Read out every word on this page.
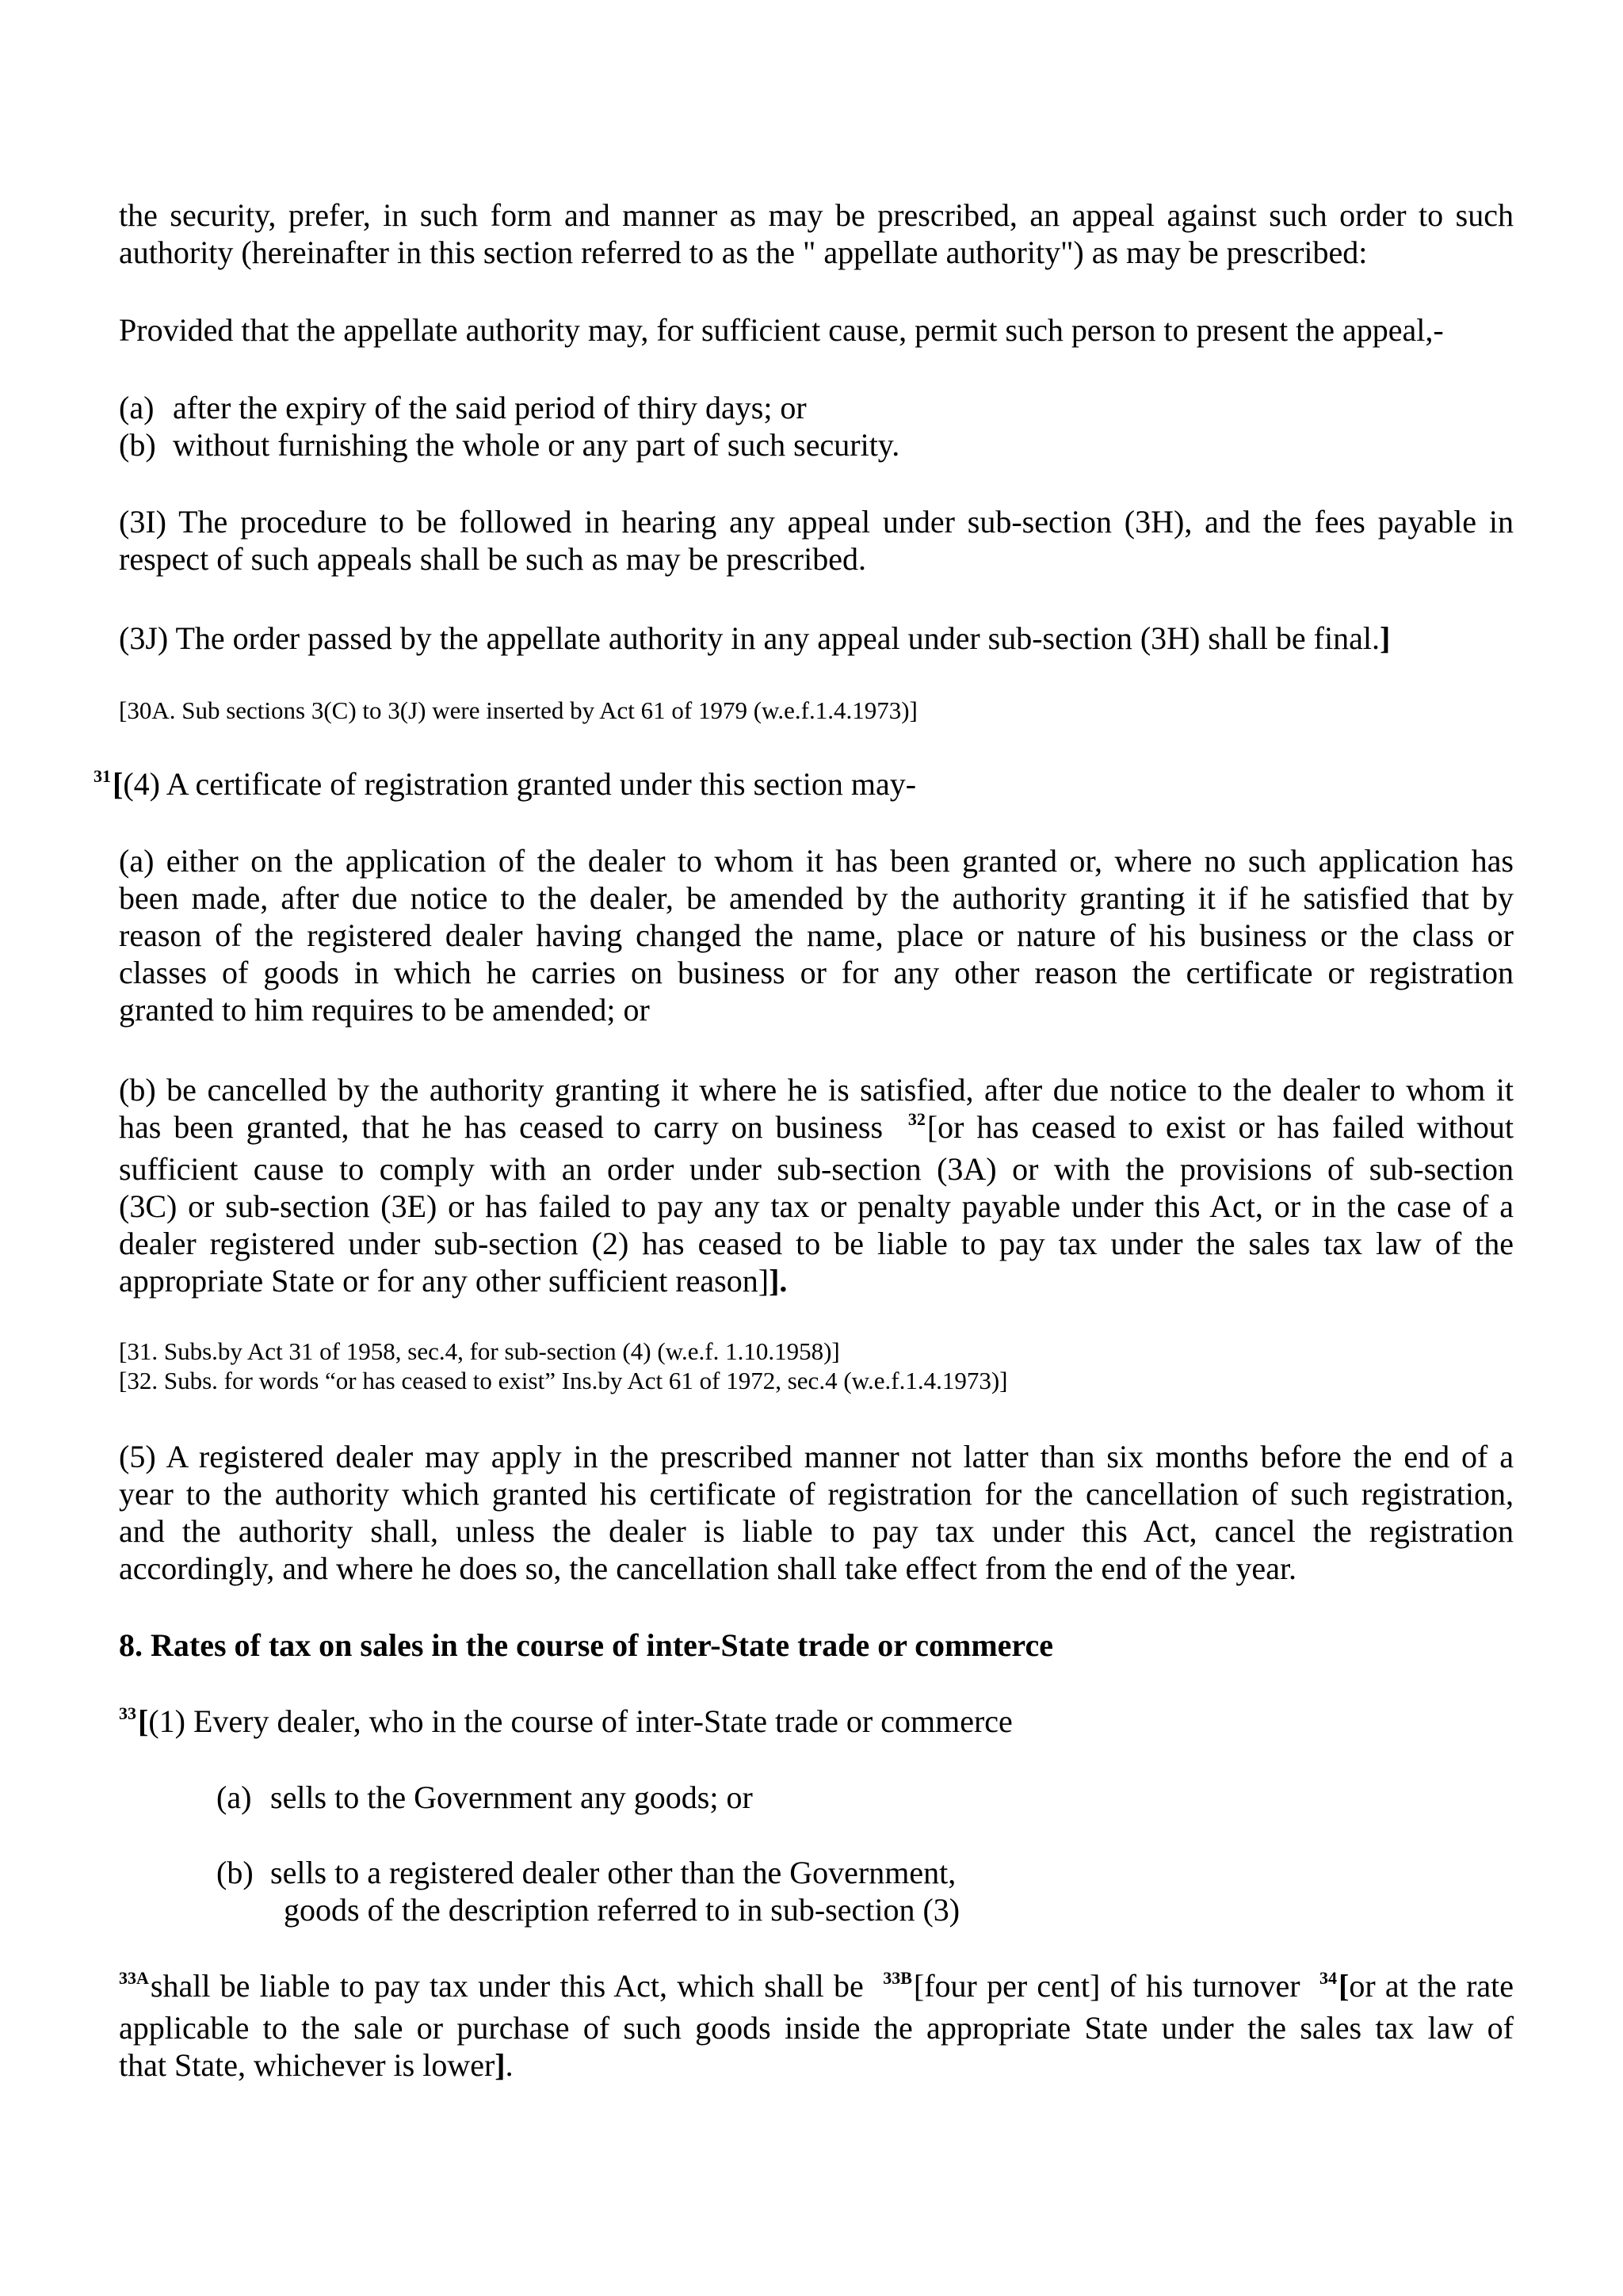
the security, prefer, in such form and manner as may be prescribed, an appeal against such order to such
authority (hereinafter in this section referred to as the " appellate authority") as may be prescribed:
Provided that the appellate authority may, for sufficient cause, permit such person to present the appeal,-
(a) after the expiry of the said period of thiry days; or
(b) without furnishing the whole or any part of such security.
(3I) The procedure to be followed in hearing any appeal under sub-section (3H), and the fees payable in
respect of such appeals shall be such as may be prescribed.
(3J) The order passed by the appellate authority in any appeal under sub-section (3H) shall be final.]
[30A. Sub sections 3(C) to 3(J) were inserted by Act 61 of 1979 (w.e.f.1.4.1973)]
$^{31}$[(4) A certificate of registration granted under this section may-
(a) either on the application of the dealer to whom it has been granted or, where no such application has
been made, after due notice to the dealer, be amended by the authority granting it if he satisfied that by
reason of the registered dealer having changed the name, place or nature of his business or the class or
classes of goods in which he carries on business or for any other reason the certificate or registration
granted to him requires to be amended; or
(b) be cancelled by the authority granting it where he is satisfied, after due notice to the dealer to whom it
has been granted, that he has ceased to carry on business  $^{32}$[or has ceased to exist or has failed without
sufficient cause to comply with an order under sub-section (3A) or with the provisions of sub-section
(3C) or sub-section (3E) or has failed to pay any tax or penalty payable under this Act, or in the case of a
dealer registered under sub-section (2) has ceased to be liable to pay tax under the sales tax law of the
appropriate State or for any other sufficient reason]].
[31. Subs.by Act 31 of 1958, sec.4, for sub-section (4) (w.e.f. 1.10.1958)]
[32. Subs. for words “or has ceased to exist” Ins.by Act 61 of 1972, sec.4 (w.e.f.1.4.1973)]
(5) A registered dealer may apply in the prescribed manner not latter than six months before the end of a
year to the authority which granted his certificate of registration for the cancellation of such registration,
and the authority shall, unless the dealer is liable to pay tax under this Act, cancel the registration
accordingly, and where he does so, the cancellation shall take effect from the end of the year.
8. Rates of tax on sales in the course of inter-State trade or commerce
$^{33}$[(1) Every dealer, who in the course of inter-State trade or commerce
(a) sells to the Government any goods; or
(b) sells to a registered dealer other than the Government,
goods of the description referred to in sub-section (3)
$^{33A}$shall be liable to pay tax under this Act, which shall be  $^{33B}$[four per cent] of his turnover  $^{34}$[or at the rate
applicable to the sale or purchase of such goods inside the appropriate State under the sales tax law of
that State, whichever is lower].
